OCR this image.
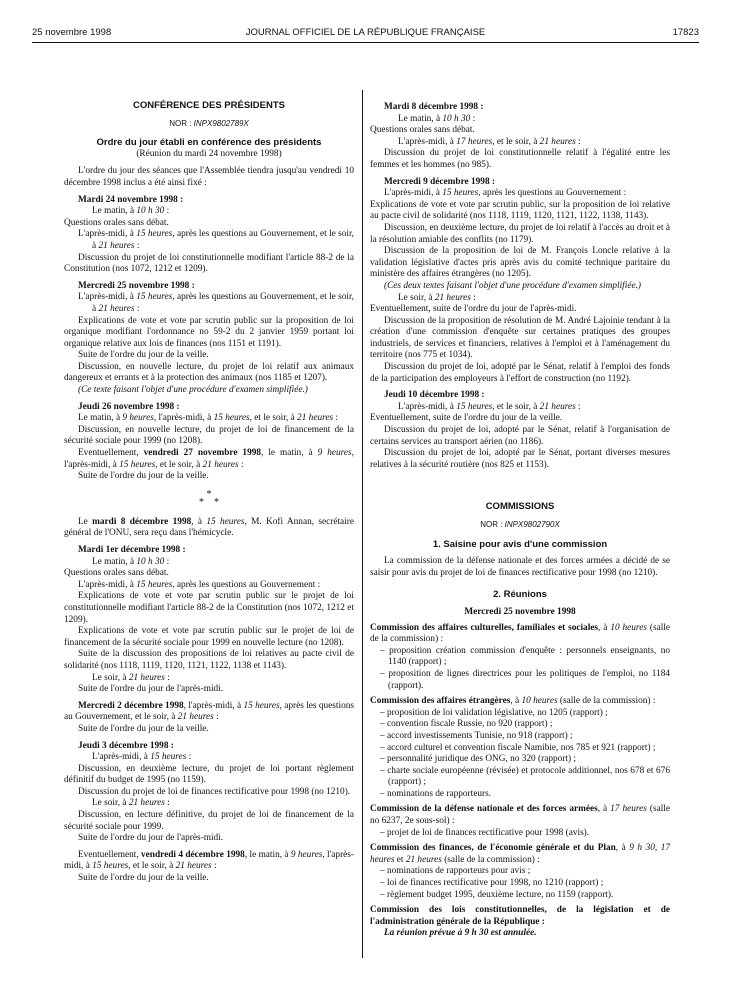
25 novembre 1998	JOURNAL OFFICIEL DE LA RÉPUBLIQUE FRANÇAISE	17823
CONFÉRENCE DES PRÉSIDENTS
NOR : INPX9802789X
Ordre du jour établi en conférence des présidents
(Réunion du mardi 24 novembre 1998)

L'ordre du jour des séances que l'Assemblée tiendra jusqu'au vendredi 10 décembre 1998 inclus a été ainsi fixé :

Mardi 24 novembre 1998 :

Le matin, à 10 h 30 :

Questions orales sans débat.

L'après-midi, à 15 heures, après les questions au Gouvernement, et le soir, à 21 heures :

Discussion du projet de loi constitutionnelle modifiant l'article 88-2 de la Constitution (nos 1072, 1212 et 1209).

Mercredi 25 novembre 1998 :

L'après-midi, à 15 heures, après les questions au Gouvernement, et le soir, à 21 heures :

Explications de vote et vote par scrutin public sur la proposition de loi organique modifiant l'ordonnance no 59-2 du 2 janvier 1959 portant loi organique relative aux lois de finances (nos 1151 et 1191).

Suite de l'ordre du jour de la veille.

Discussion, en nouvelle lecture, du projet de loi relatif aux animaux dangereux et errants et à la protection des animaux (nos 1185 et 1207).

(Ce texte faisant l'objet d'une procédure d'examen simplifiée.)

Jeudi 26 novembre 1998 :

Le matin, à 9 heures, l'après-midi, à 15 heures, et le soir, à 21 heures :

Discussion, en nouvelle lecture, du projet de loi de financement de la sécurité sociale pour 1999 (no 1208).

Eventuellement, vendredi 27 novembre 1998, le matin, à 9 heures, l'après-midi, à 15 heures, et le soir, à 21 heures :

Suite de l'ordre du jour de la veille.

*
*    *

Le mardi 8 décembre 1998, à 15 heures, M. Kofi Annan, secrétaire général de l'ONU, sera reçu dans l'hémicycle.

Mardi 1er décembre 1998 :

Le matin, à 10 h 30 :

Questions orales sans débat.

L'après-midi, à 15 heures, après les questions au Gouvernement :

Explications de vote et vote par scrutin public sur le projet de loi constitutionnelle modifiant l'article 88-2 de la Constitution (nos 1072, 1212 et 1209).

Explications de vote et vote par scrutin public sur le projet de loi de financement de la sécurité sociale pour 1999 en nouvelle lecture (no 1208).

Suite de la discussion des propositions de loi relatives au pacte civil de solidarité (nos 1118, 1119, 1120, 1121, 1122, 1138 et 1143).

Le soir, à 21 heures :

Suite de l'ordre du jour de l'après-midi.

Mercredi 2 décembre 1998, l'après-midi, à 15 heures, après les questions au Gouvernement, et le soir, à 21 heures :

Suite de l'ordre du jour de la veille.

Jeudi 3 décembre 1998 :

L'après-midi, à 15 heures :

Discussion, en deuxième lecture, du projet de loi portant règlement définitif du budget de 1995 (no 1159).

Discussion du projet de loi de finances rectificative pour 1998 (no 1210).

Le soir, à 21 heures :

Discussion, en lecture définitive, du projet de loi de financement de la sécurité sociale pour 1999.

Suite de l'ordre du jour de l'après-midi.

Eventuellement, vendredi 4 décembre 1998, le matin, à 9 heures, l'après-midi, à 15 heures, et le soir, à 21 heures :

Suite de l'ordre du jour de la veille.

Mardi 8 décembre 1998 :

Le matin, à 10 h 30 :

Questions orales sans débat.

L'après-midi, à 17 heures, et le soir, à 21 heures :

Discussion du projet de loi constitutionnelle relatif à l'égalité entre les femmes et les hommes (no 985).

Mercredi 9 décembre 1998 :

L'après-midi, à 15 heures, après les questions au Gouvernement :

Explications de vote et vote par scrutin public, sur la proposition de loi relative au pacte civil de solidarité (nos 1118, 1119, 1120, 1121, 1122, 1138, 1143).

Discussion, en deuxième lecture, du projet de loi relatif à l'accès au droit et à la résolution amiable des conflits (no 1179).

Discussion de la proposition de loi de M. François Loncle relative à la validation législative d'actes pris après avis du comité technique paritaire du ministère des affaires étrangères (no 1205).

(Ces deux textes faisant l'objet d'une procédure d'examen simplifiée.)

Le soir, à 21 heures :

Eventuellement, suite de l'ordre du jour de l'après-midi.

Discussion de la proposition de résolution de M. André Lajoinie tendant à la création d'une commission d'enquête sur certaines pratiques des groupes industriels, de services et financiers, relatives à l'emploi et à l'aménagement du territoire (nos 775 et 1034).

Discussion du projet de loi, adopté par le Sénat, relatif à l'emploi des fonds de la participation des employeurs à l'effort de construction (no 1192).

Jeudi 10 décembre 1998 :

L'après-midi, à 15 heures, et le soir, à 21 heures :

Eventuellement, suite de l'ordre du jour de la veille.

Discussion du projet de loi, adopté par le Sénat, relatif à l'organisation de certains services au transport aérien (no 1186).

Discussion du projet de loi, adopté par le Sénat, portant diverses mesures relatives à la sécurité routière (nos 825 et 1153).

COMMISSIONS
NOR : INPX9802790X
1. Saisine pour avis d'une commission

La commission de la défense nationale et des forces armées a décidé de se saisir pour avis du projet de loi de finances rectificative pour 1998 (no 1210).

2. Réunions
Mercredi 25 novembre 1998

Commission des affaires culturelles, familiales et sociales, à 10 heures (salle de la commission) :

– proposition création commission d'enquête : personnels enseignants, no 1140 (rapport) ;

– proposition de lignes directrices pour les politiques de l'emploi, no 1184 (rapport).

Commission des affaires étrangères, à 10 heures (salle de la commission) :

– proposition de loi validation législative, no 1205 (rapport) ;

– convention fiscale Russie, no 920 (rapport) ;

– accord investissements Tunisie, no 918 (rapport) ;

– accord culturel et convention fiscale Namibie, nos 785 et 921 (rapport) ;

– personnalité juridique des ONG, no 320 (rapport) ;

– charte sociale européenne (révisée) et protocole additionnel, nos 678 et 676 (rapport) ;

– nominations de rapporteurs.

Commission de la défense nationale et des forces armées, à 17 heures (salle no 6237, 2e sous-sol) :

– projet de loi de finances rectificative pour 1998 (avis).

Commission des finances, de l'économie générale et du Plan, à 9 h 30, 17 heures et 21 heures (salle de la commission) :

– nominations de rapporteurs pour avis ;

– loi de finances rectificative pour 1998, no 1210 (rapport) ;

– règlement budget 1995, deuxième lecture, no 1159 (rapport).

Commission des lois constitutionnelles, de la législation et de l'administration générale de la République :

La réunion prévue à 9 h 30 est annulée.
